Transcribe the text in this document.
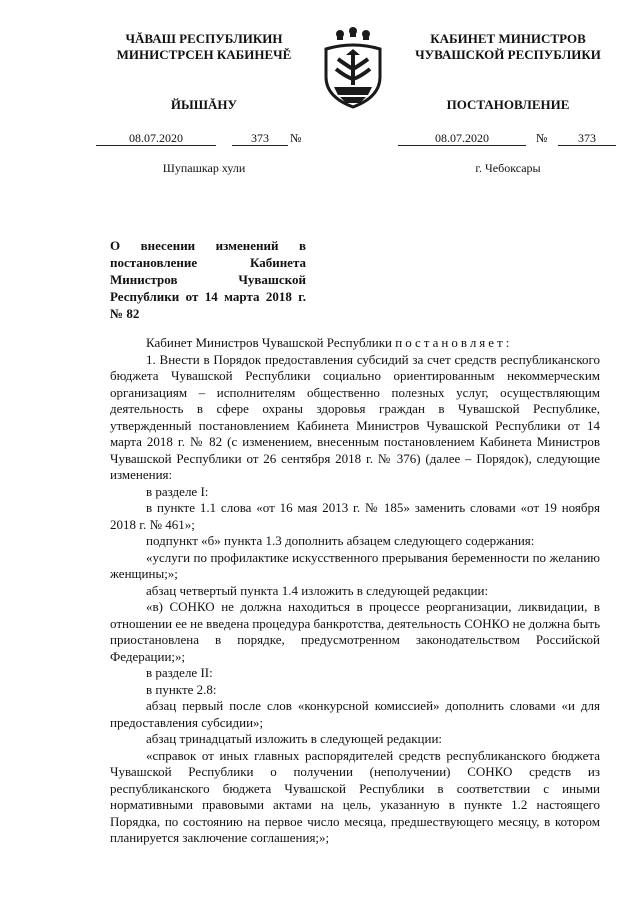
ЧĂВАШ РЕСПУБЛИКИН
МИНИСТРСЕН КАБИНЕЧĚ
ЙЫШĂНУ
КАБИНЕТ МИНИСТРОВ
ЧУВАШСКОЙ РЕСПУБЛИКИ
ПОСТАНОВЛЕНИЕ
08.07.2020	373	№	08.07.2020	№	373
Шупашкар хули	г. Чебоксары
О внесении изменений в постановление Кабинета Министров Чувашской Республики от 14 марта 2018 г. № 82

Кабинет Министров Чувашской Республики постановляет:

1. Внести в Порядок предоставления субсидий за счет средств республиканского бюджета Чувашской Республики социально ориентированным некоммерческим организациям – исполнителям общественно полезных услуг, осуществляющим деятельность в сфере охраны здоровья граждан в Чувашской Республике, утвержденный постановлением Кабинета Министров Чувашской Республики от 14 марта 2018 г. № 82 (с изменением, внесенным постановлением Кабинета Министров Чувашской Республики от 26 сентября 2018 г. № 376) (далее – Порядок), следующие изменения:

в разделе I:

в пункте 1.1 слова «от 16 мая 2013 г. № 185» заменить словами «от 19 ноября 2018 г. № 461»;

подпункт «б» пункта 1.3 дополнить абзацем следующего содержания:

«услуги по профилактике искусственного прерывания беременности по желанию женщины;»;

абзац четвертый пункта 1.4 изложить в следующей редакции:

«в) СОНКО не должна находиться в процессе реорганизации, ликвидации, в отношении ее не введена процедура банкротства, деятельность СОНКО не должна быть приостановлена в порядке, предусмотренном законодательством Российской Федерации;»;

в разделе II:

в пункте 2.8:

абзац первый после слов «конкурсной комиссией» дополнить словами «и для предоставления субсидии»;

абзац тринадцатый изложить в следующей редакции:

«справок от иных главных распорядителей средств республиканского бюджета Чувашской Республики о получении (неполучении) СОНКО средств из республиканского бюджета Чувашской Республики в соответствии с иными нормативными правовыми актами на цель, указанную в пункте 1.2 настоящего Порядка, по состоянию на первое число месяца, предшествующего месяцу, в котором планируется заключение соглашения;»;
